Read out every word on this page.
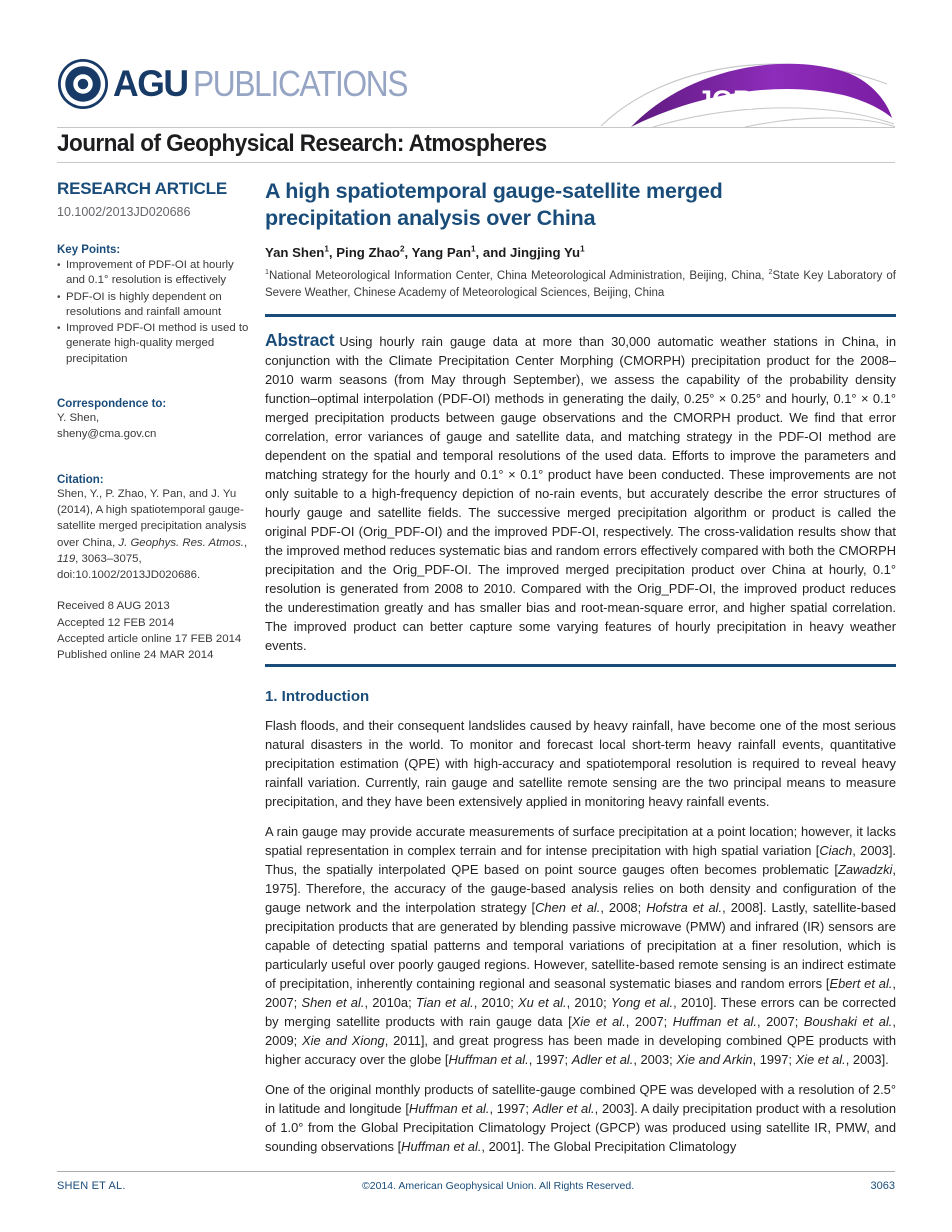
AGU PUBLICATIONS	JGR
Journal of Geophysical Research: Atmospheres
RESEARCH ARTICLE
10.1002/2013JD020686
Key Points:
• Improvement of PDF-OI at hourly and 0.1° resolution is effectively
• PDF-OI is highly dependent on resolutions and rainfall amount
• Improved PDF-OI method is used to generate high-quality merged precipitation
Correspondence to:
Y. Shen,
sheny@cma.gov.cn
Citation:
Shen, Y., P. Zhao, Y. Pan, and J. Yu (2014), A high spatiotemporal gauge-satellite merged precipitation analysis over China, J. Geophys. Res. Atmos., 119, 3063–3075, doi:10.1002/2013JD020686.
Received 8 AUG 2013
Accepted 12 FEB 2014
Accepted article online 17 FEB 2014
Published online 24 MAR 2014
A high spatiotemporal gauge-satellite merged precipitation analysis over China
Yan Shen$^1$, Ping Zhao$^2$, Yang Pan$^1$, and Jingjing Yu$^1$
$^1$National Meteorological Information Center, China Meteorological Administration, Beijing, China, $^2$State Key Laboratory of Severe Weather, Chinese Academy of Meteorological Sciences, Beijing, China
Abstract Using hourly rain gauge data at more than 30,000 automatic weather stations in China, in conjunction with the Climate Precipitation Center Morphing (CMORPH) precipitation product for the 2008–2010 warm seasons (from May through September), we assess the capability of the probability density function–optimal interpolation (PDF-OI) methods in generating the daily, 0.25° × 0.25° and hourly, 0.1° × 0.1° merged precipitation products between gauge observations and the CMORPH product. We find that error correlation, error variances of gauge and satellite data, and matching strategy in the PDF-OI method are dependent on the spatial and temporal resolutions of the used data. Efforts to improve the parameters and matching strategy for the hourly and 0.1° × 0.1° product have been conducted. These improvements are not only suitable to a high-frequency depiction of no-rain events, but accurately describe the error structures of hourly gauge and satellite fields. The successive merged precipitation algorithm or product is called the original PDF-OI (Orig_PDF-OI) and the improved PDF-OI, respectively. The cross-validation results show that the improved method reduces systematic bias and random errors effectively compared with both the CMORPH precipitation and the Orig_PDF-OI. The improved merged precipitation product over China at hourly, 0.1° resolution is generated from 2008 to 2010. Compared with the Orig_PDF-OI, the improved product reduces the underestimation greatly and has smaller bias and root-mean-square error, and higher spatial correlation. The improved product can better capture some varying features of hourly precipitation in heavy weather events.
1. Introduction
Flash floods, and their consequent landslides caused by heavy rainfall, have become one of the most serious natural disasters in the world. To monitor and forecast local short-term heavy rainfall events, quantitative precipitation estimation (QPE) with high-accuracy and spatiotemporal resolution is required to reveal heavy rainfall variation. Currently, rain gauge and satellite remote sensing are the two principal means to measure precipitation, and they have been extensively applied in monitoring heavy rainfall events.
A rain gauge may provide accurate measurements of surface precipitation at a point location; however, it lacks spatial representation in complex terrain and for intense precipitation with high spatial variation [Ciach, 2003]. Thus, the spatially interpolated QPE based on point source gauges often becomes problematic [Zawadzki, 1975]. Therefore, the accuracy of the gauge-based analysis relies on both density and configuration of the gauge network and the interpolation strategy [Chen et al., 2008; Hofstra et al., 2008]. Lastly, satellite-based precipitation products that are generated by blending passive microwave (PMW) and infrared (IR) sensors are capable of detecting spatial patterns and temporal variations of precipitation at a finer resolution, which is particularly useful over poorly gauged regions. However, satellite-based remote sensing is an indirect estimate of precipitation, inherently containing regional and seasonal systematic biases and random errors [Ebert et al., 2007; Shen et al., 2010a; Tian et al., 2010; Xu et al., 2010; Yong et al., 2010]. These errors can be corrected by merging satellite products with rain gauge data [Xie et al., 2007; Huffman et al., 2007; Boushaki et al., 2009; Xie and Xiong, 2011], and great progress has been made in developing combined QPE products with higher accuracy over the globe [Huffman et al., 1997; Adler et al., 2003; Xie and Arkin, 1997; Xie et al., 2003].
One of the original monthly products of satellite-gauge combined QPE was developed with a resolution of 2.5° in latitude and longitude [Huffman et al., 1997; Adler et al., 2003]. A daily precipitation product with a resolution of 1.0° from the Global Precipitation Climatology Project (GPCP) was produced using satellite IR, PMW, and sounding observations [Huffman et al., 2001]. The Global Precipitation Climatology
SHEN ET AL.	©2014. American Geophysical Union. All Rights Reserved.	3063
